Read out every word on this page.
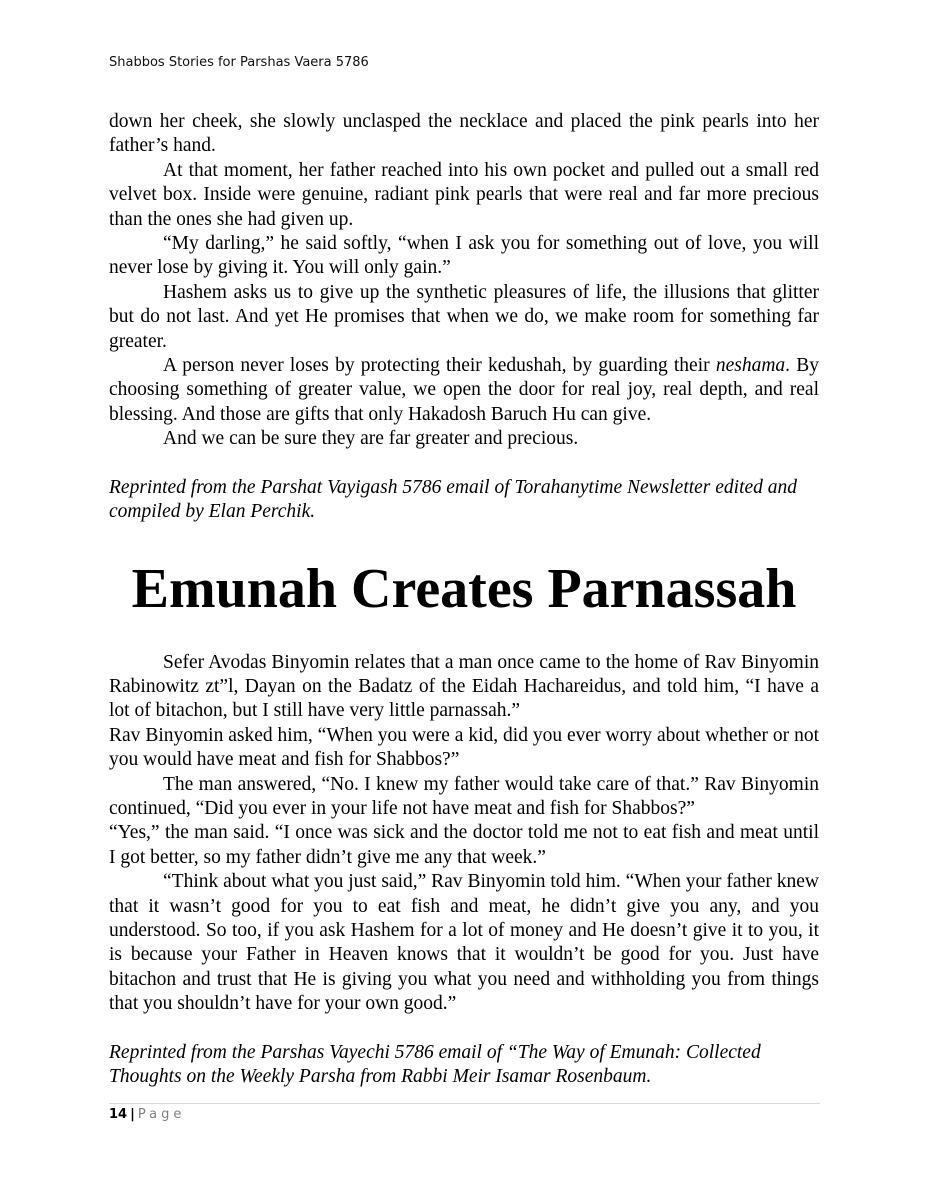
Shabbos Stories for Parshas Vaera 5786

down her cheek, she slowly unclasped the necklace and placed the pink pearls into her father’s hand.

At that moment, her father reached into his own pocket and pulled out a small red velvet box. Inside were genuine, radiant pink pearls that were real and far more precious than the ones she had given up.

“My darling,” he said softly, “when I ask you for something out of love, you will never lose by giving it. You will only gain.”

Hashem asks us to give up the synthetic pleasures of life, the illusions that glitter but do not last. And yet He promises that when we do, we make room for something far greater.

A person never loses by protecting their kedushah, by guarding their neshama. By choosing something of greater value, we open the door for real joy, real depth, and real blessing. And those are gifts that only Hakadosh Baruch Hu can give.

And we can be sure they are far greater and precious.

Reprinted from the Parshat Vayigash 5786 email of Torahanytime Newsletter edited and compiled by Elan Perchik.

Emunah Creates Parnassah

Sefer Avodas Binyomin relates that a man once came to the home of Rav Binyomin Rabinowitz zt”l, Dayan on the Badatz of the Eidah Hachareidus, and told him, “I have a lot of bitachon, but I still have very little parnassah.”

Rav Binyomin asked him, “When you were a kid, did you ever worry about whether or not you would have meat and fish for Shabbos?”

The man answered, “No. I knew my father would take care of that.” Rav Binyomin continued, “Did you ever in your life not have meat and fish for Shabbos?”

“Yes,” the man said. “I once was sick and the doctor told me not to eat fish and meat until I got better, so my father didn’t give me any that week.”

“Think about what you just said,” Rav Binyomin told him. “When your father knew that it wasn’t good for you to eat fish and meat, he didn’t give you any, and you understood. So too, if you ask Hashem for a lot of money and He doesn’t give it to you, it is because your Father in Heaven knows that it wouldn’t be good for you. Just have bitachon and trust that He is giving you what you need and withholding you from things that you shouldn’t have for your own good.”

Reprinted from the Parshas Vayechi 5786 email of “The Way of Emunah: Collected Thoughts on the Weekly Parsha from Rabbi Meir Isamar Rosenbaum.

14 | Page
